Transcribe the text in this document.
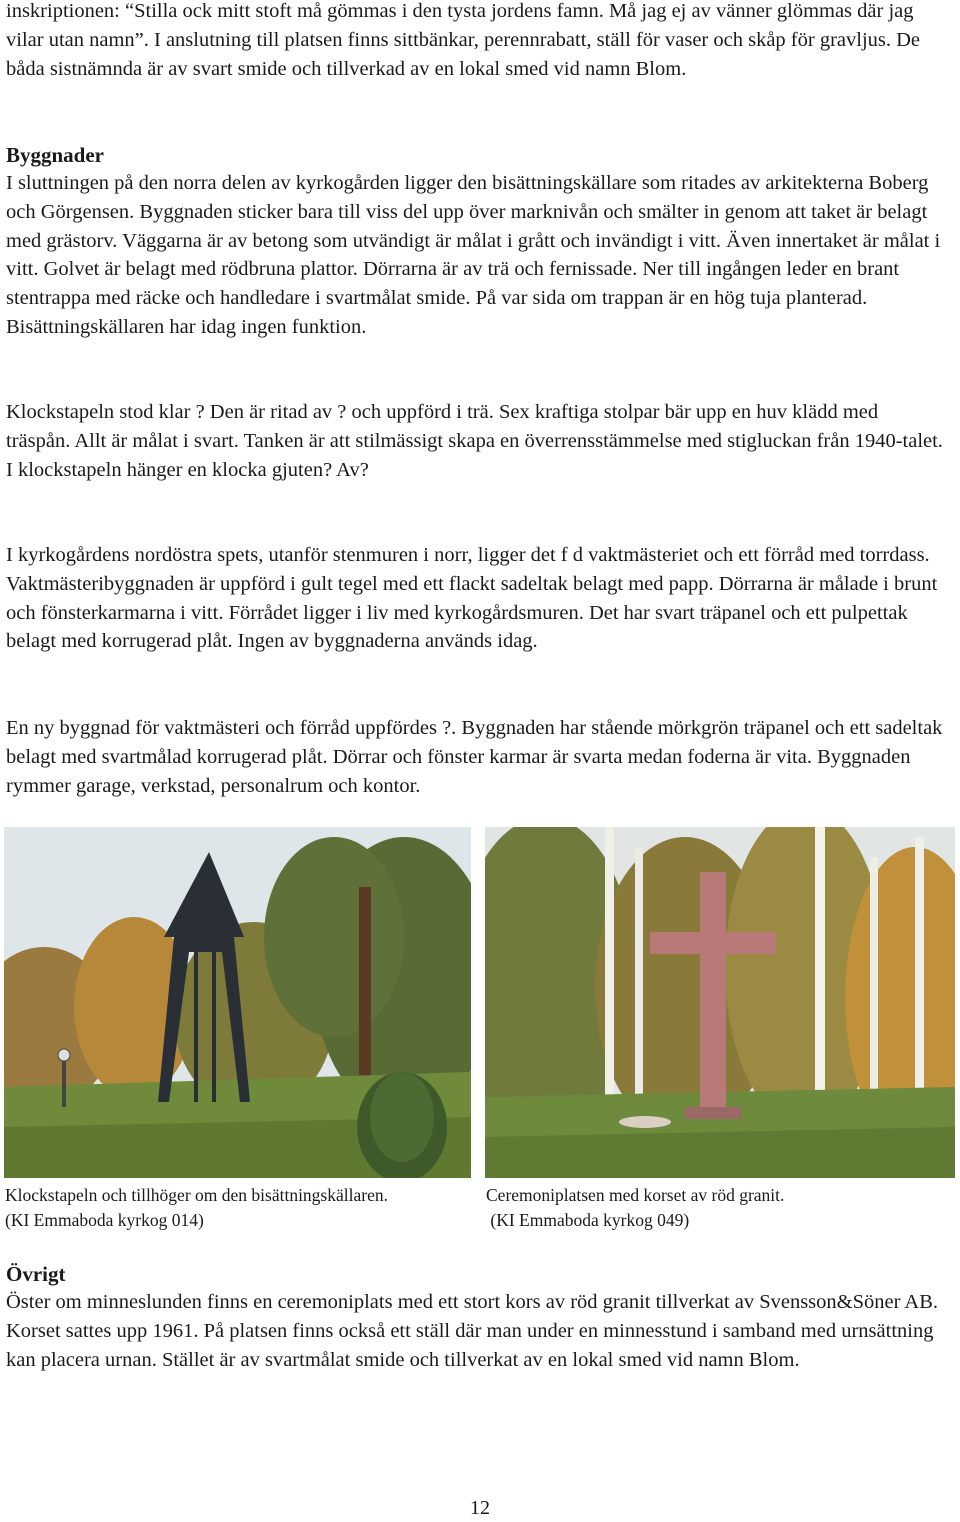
inskriptionen: “Stilla ock mitt stoft må gömmas i den tysta jordens famn. Må jag ej av vänner glömmas där jag vilar utan namn”. I anslutning till platsen finns sittbänkar, perennrabatt, ställ för vaser och skåp för gravljus. De båda sistnämnda är av svart smide och tillverkad av en lokal smed vid namn Blom.

Byggnader

I sluttningen på den norra delen av kyrkogården ligger den bisättningskällare som ritades av arkitekterna Boberg och Görgensen. Byggnaden sticker bara till viss del upp över marknivån och smälter in genom att taket är belagt med grästorv. Väggarna är av betong som utvändigt är målat i grått och invändigt i vitt. Även innertaket är målat i vitt. Golvet är belagt med rödbruna plattor. Dörrarna är av trä och fernissade. Ner till ingången leder en brant stentrappa med räcke och handledare i svartmålat smide. På var sida om trappan är en hög tuja planterad. Bisättningskällaren har idag ingen funktion.

Klockstapeln stod klar ? Den är ritad av ? och uppförd i trä. Sex kraftiga stolpar bär upp en huv klädd med träspån. Allt är målat i svart. Tanken är att stilmässigt skapa en överrensstämmelse med stigluckan från 1940-talet. I klockstapeln hänger en klocka gjuten? Av?

I kyrkogårdens nordöstra spets, utanför stenmuren i norr, ligger det f d vaktmästeriet och ett förråd med torrdass. Vaktmästeribyggnaden är uppförd i gult tegel med ett flackt sadeltak belagt med papp. Dörrarna är målade i brunt och fönsterkarmarna i vitt. Förrådet ligger i liv med kyrkogårdsmuren. Det har svart träpanel och ett pulpettak belagt med korrugerad plåt. Ingen av byggnaderna används idag.

En ny byggnad för vaktmästeri och förråd uppfördes ?. Byggnaden har stående mörkgrön träpanel och ett sadeltak belagt med svartmålad korrugerad plåt. Dörrar och fönster karmar är svarta medan foderna är vita. Byggnaden rymmer garage, verkstad, personalrum och kontor.

Klockstapeln och tillhöger om den bisättningskällaren.
(KI Emmaboda kyrkog 014)

Ceremoniplatsen med korset av röd granit.
(KI Emmaboda kyrkog 049)

Övrigt

Öster om minneslunden finns en ceremoniplats med ett stort kors av röd granit tillverkat av Svensson&Söner AB. Korset sattes upp 1961. På platsen finns också ett ställ där man under en minnesstund i samband med urnsättning kan placera urnan. Stället är av svartmålat smide och tillverkat av en lokal smed vid namn Blom.

12
